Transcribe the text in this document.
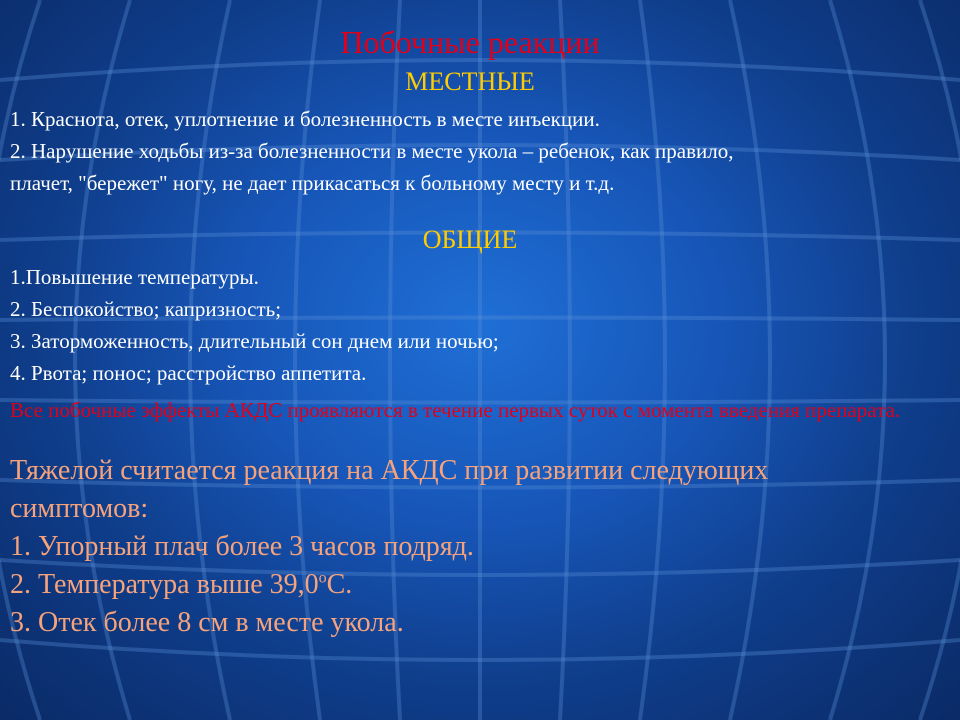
Побочные реакции
МЕСТНЫЕ
1. Краснота, отек, уплотнение и болезненность в месте инъекции.
2. Нарушение ходьбы из-за болезненности в месте укола – ребенок, как правило,
плачет, "бережет" ногу, не дает прикасаться к больному месту и т.д.
ОБЩИЕ
1.Повышение температуры.
2. Беспокойство; капризность;
3. Заторможенность, длительный сон днем или ночью;
4. Рвота; понос; расстройство аппетита.
Все побочные эффекты АКДС проявляются в течение первых суток с момента введения препарата.
Тяжелой считается реакция на АКДС при развитии следующих
симптомов:
1. Упорный плач более 3 часов подряд.
2. Температура выше $39,0^оС$.
3. Отек более 8 см в месте укола.
